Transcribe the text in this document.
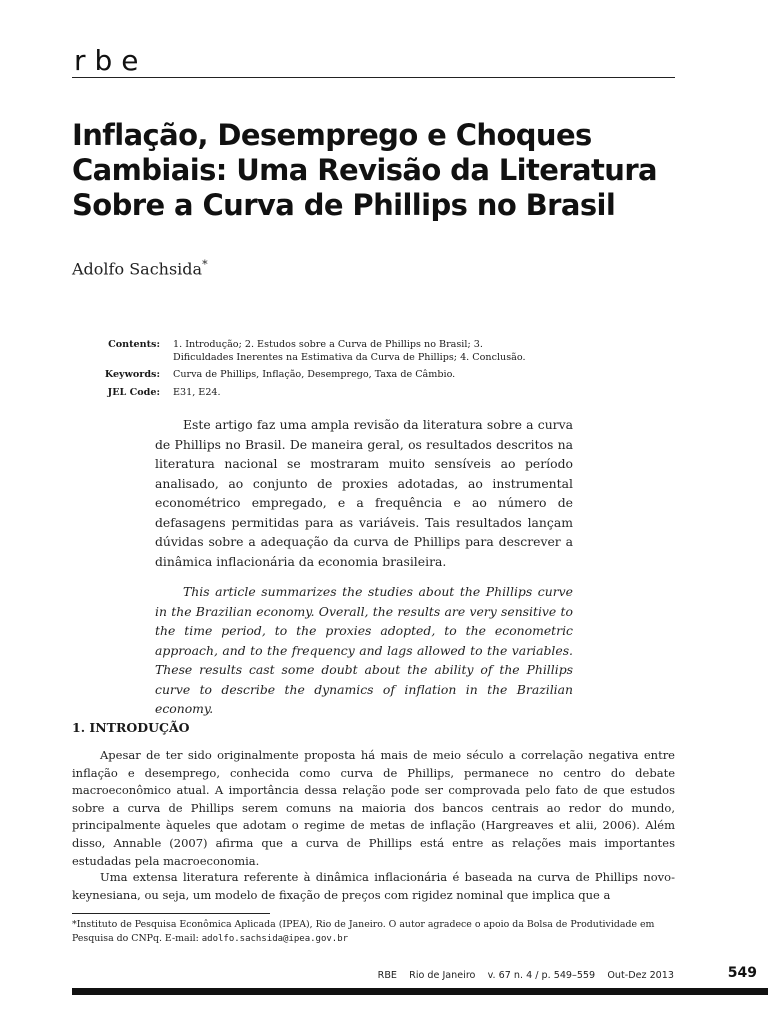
rbe
Inflação, Desemprego e Choques
Cambiais: Uma Revisão da Literatura
Sobre a Curva de Phillips no Brasil
Adolfo Sachsida*
Contents: 1. Introdução; 2. Estudos sobre a Curva de Phillips no Brasil; 3. Dificuldades Inerentes na Estimativa da Curva de Phillips; 4. Conclusão.
Keywords: Curva de Phillips, Inflação, Desemprego, Taxa de Câmbio.
JEL Code: E31, E24.

Este artigo faz uma ampla revisão da literatura sobre a curva de Phillips no Brasil. De maneira geral, os resultados descritos na literatura nacional se mostraram muito sensíveis ao período analisado, ao conjunto de proxies adotadas, ao instrumental econométrico empregado, e a frequência e ao número de defasagens permitidas para as variáveis. Tais resultados lançam dúvidas sobre a adequação da curva de Phillips para descrever a dinâmica inflacionária da economia brasileira.

This article summarizes the studies about the Phillips curve in the Brazilian economy. Overall, the results are very sensitive to the time period, to the proxies adopted, to the econometric approach, and to the frequency and lags allowed to the variables. These results cast some doubt about the ability of the Phillips curve to describe the dynamics of inflation in the Brazilian economy.

1. INTRODUÇÃO

Apesar de ter sido originalmente proposta há mais de meio século a correlação negativa entre inflação e desemprego, conhecida como curva de Phillips, permanece no centro do debate macroeconômico atual. A importância dessa relação pode ser comprovada pelo fato de que estudos sobre a curva de Phillips serem comuns na maioria dos bancos centrais ao redor do mundo, principalmente àqueles que adotam o regime de metas de inflação (Hargreaves et alii, 2006). Além disso, Annable (2007) afirma que a curva de Phillips está entre as relações mais importantes estudadas pela macroeconomia.

Uma extensa literatura referente à dinâmica inflacionária é baseada na curva de Phillips novo-keynesiana, ou seja, um modelo de fixação de preços com rigidez nominal que implica que a

*Instituto de Pesquisa Econômica Aplicada (IPEA), Rio de Janeiro. O autor agradece o apoio da Bolsa de Produtividade em Pesquisa do CNPq. E-mail: adolfo.sachsida@ipea.gov.br

RBE    Rio de Janeiro    v. 67 n. 4 / p. 549–559    Out-Dez 2013	549
